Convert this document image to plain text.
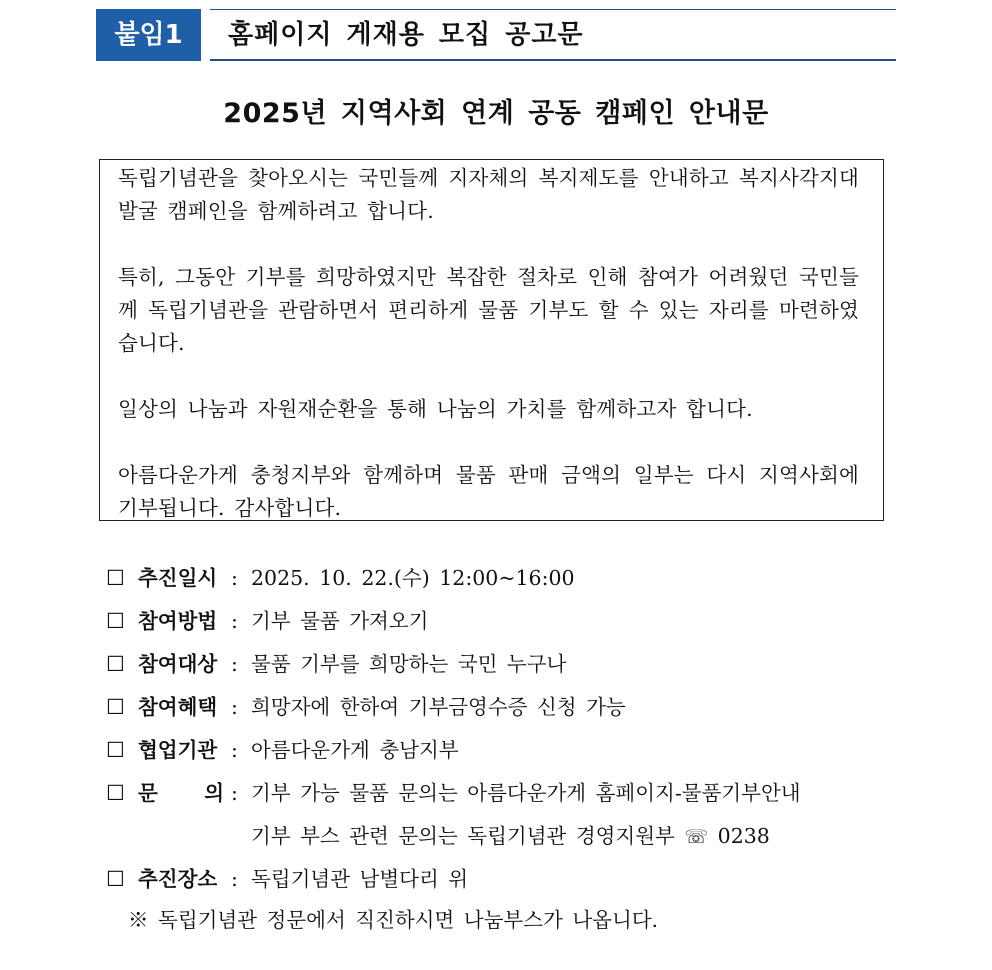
붙임1	홈페이지 게재용 모집 공고문
2025년 지역사회 연계 공동 캠페인 안내문

독립기념관을 찾아오시는 국민들께 지자체의 복지제도를 안내하고 복지사각지대 발굴 캠페인을 함께하려고 합니다.

특히, 그동안 기부를 희망하였지만 복잡한 절차로 인해 참여가 어려웠던 국민들께 독립기념관을 관람하면서 편리하게 물품 기부도 할 수 있는 자리를 마련하였습니다.

일상의 나눔과 자원재순환을 통해 나눔의 가치를 함께하고자 합니다.

아름다운가게 충청지부와 함께하며 물품 판매 금액의 일부는 다시 지역사회에 기부됩니다. 감사합니다.

☐ 추진일시 : 2025. 10. 22.(수) 12:00~16:00
☐ 참여방법 : 기부 물품 가져오기
☐ 참여대상 : 물품 기부를 희망하는 국민 누구나
☐ 참여혜택 : 희망자에 한하여 기부금영수증 신청 가능
☐ 협업기관 : 아름다운가게 충남지부
☐ 문 의 : 기부 가능 물품 문의는 아름다운가게 홈페이지-물품기부안내
기부 부스 관련 문의는 독립기념관 경영지원부 ☏ 0238
☐ 추진장소 : 독립기념관 남별다리 위
※ 독립기념관 정문에서 직진하시면 나눔부스가 나옵니다.
